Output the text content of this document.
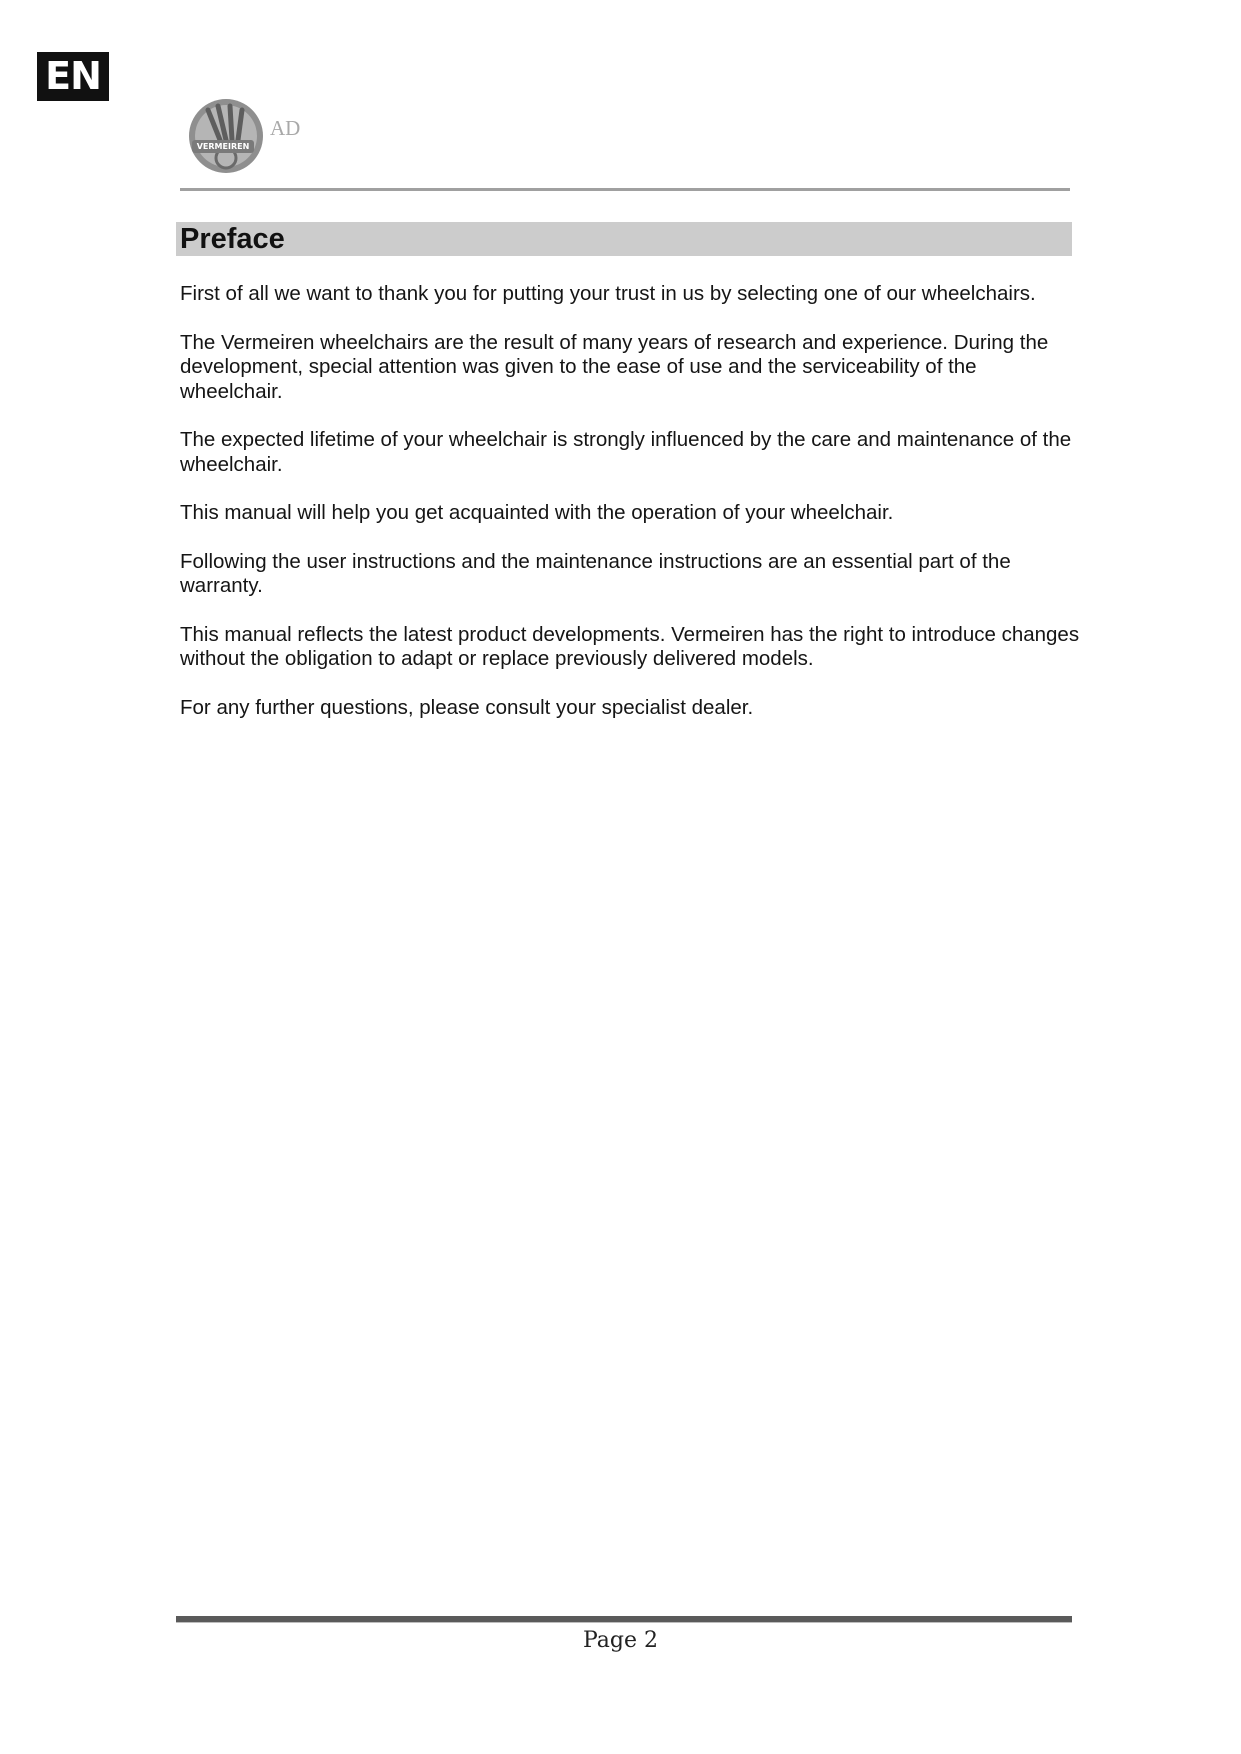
EN
VERMEIREN
AD
Preface

First of all we want to thank you for putting your trust in us by selecting one of our wheelchairs.

The Vermeiren wheelchairs are the result of many years of research and experience. During the development, special attention was given to the ease of use and the serviceability of the wheelchair.

The expected lifetime of your wheelchair is strongly influenced by the care and maintenance of the wheelchair.

This manual will help you get acquainted with the operation of your wheelchair.

Following the user instructions and the maintenance instructions are an essential part of the warranty.

This manual reflects the latest product developments. Vermeiren has the right to introduce changes without the obligation to adapt or replace previously delivered models.

For any further questions, please consult your specialist dealer.

Page 2
